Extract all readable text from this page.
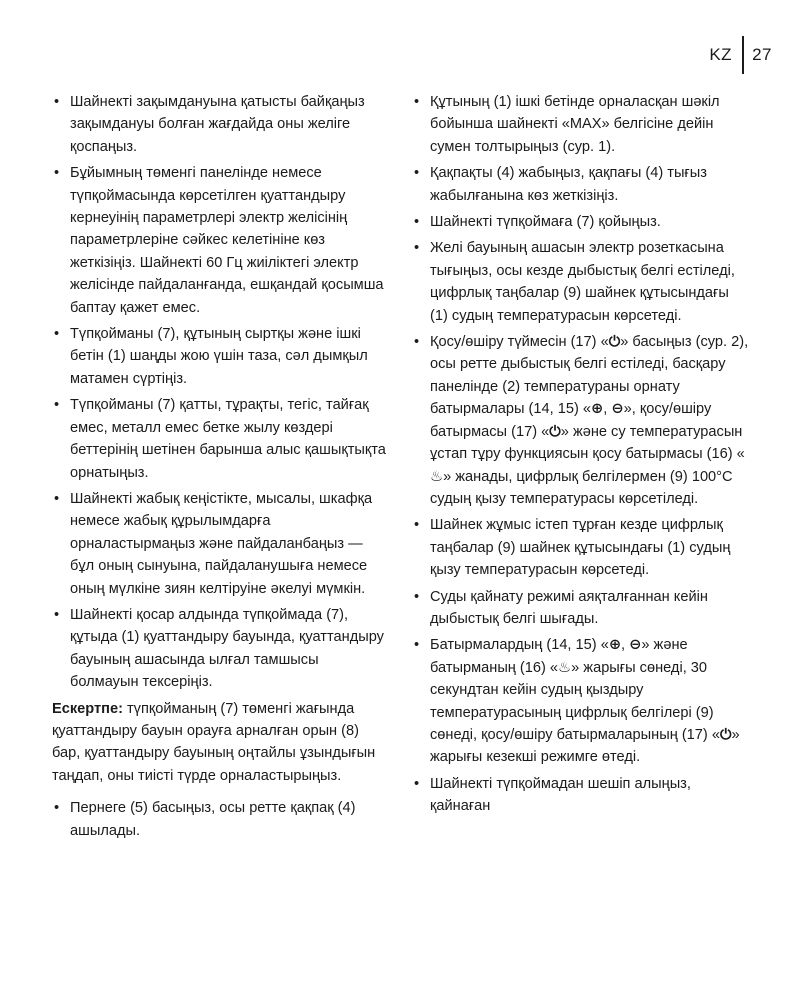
KZ	27
• Шайнекті зақымдануына қатысты байқаңыз зақымдануы болған жағдайда оны желіге қоспаңыз.
• Бұйымның төменгі панелінде немесе түпқоймасында көрсетілген қуаттандыру кернеуінің параметрлері электр желісінің параметрлеріне сәйкес келетініне көз жеткізіңіз. Шайнекті 60 Гц жиіліктегі электр желісінде пайдаланғанда, ешқандай қосымша баптау қажет емес.
• Түпқойманы (7), құтының сыртқы және ішкі бетін (1) шаңды жою үшін таза, сәл дымқыл матамен сүртіңіз.
• Түпқойманы (7) қатты, тұрақты, тегіс, тайғақ емес, металл емес бетке жылу көздері беттерінің шетінен барынша алыс қашықтықта орнатыңыз.
• Шайнекті жабық кеңістікте, мысалы, шкафқа немесе жабық құрылымдарға орналастырмаңыз және пайдаланбаңыз — бұл оның сынуына, пайдаланушыға немесе оның мүлкіне зиян келтіруіне әкелуі мүмкін.
• Шайнекті қосар алдында түпқоймада (7), құтыда (1) қуаттандыру бауында, қуаттандыру бауының ашасында ылғал тамшысы болмауын тексеріңіз.

Ескертпе: түпқойманың (7) төменгі жағында қуаттандыру бауын орауға арналған орын (8) бар, қуаттандыру бауының оңтайлы ұзындығын таңдап, оны тиісті түрде орналастырыңыз.

• Пернеге (5) басыңыз, осы ретте қақпақ (4) ашылады.
• Құтының (1) ішкі бетінде орналасқан шәкіл бойынша шайнекті «MAX» белгісіне дейін сумен толтырыңыз (сур. 1).
• Қақпақты (4) жабыңыз, қақпағы (4) тығыз жабылғанына көз жеткізіңіз.
• Шайнекті түпқоймаға (7) қойыңыз.
• Желі бауының ашасын электр розеткасына тығыңыз, осы кезде дыбыстық белгі естіледі, цифрлық таңбалар (9) шайнек құтысындағы (1) судың температурасын көрсетеді.
• Қосу/өшіру түймесін (17) «⏻» басыңыз (сур. 2), осы ретте дыбыстық белгі естіледі, басқару панелінде (2) температураны орнату батырмалары (14, 15) «⊕, ⊖», қосу/өшіру батырмасы (17) «⏻» және су температурасын ұстап тұру функциясын қосу батырмасы (16) «♨» жанады, цифрлық белгілермен (9) 100°С судың қызу температурасы көрсетіледі.
• Шайнек жұмыс істеп тұрған кезде цифрлық таңбалар (9) шайнек құтысындағы (1) судың қызу температурасын көрсетеді.
• Суды қайнату режимі аяқталғаннан кейін дыбыстық белгі шығады.
• Батырмалардың (14, 15) «⊕, ⊖» және батырманың (16) «♨» жарығы сөнеді, 30 секундтан кейін судың қыздыру температурасының цифрлық белгілері (9) сөнеді, қосу/өшіру батырмаларының (17) «⏻» жарығы кезекші режимге өтеді.
• Шайнекті түпқоймадан шешіп алыңыз, қайнаған
